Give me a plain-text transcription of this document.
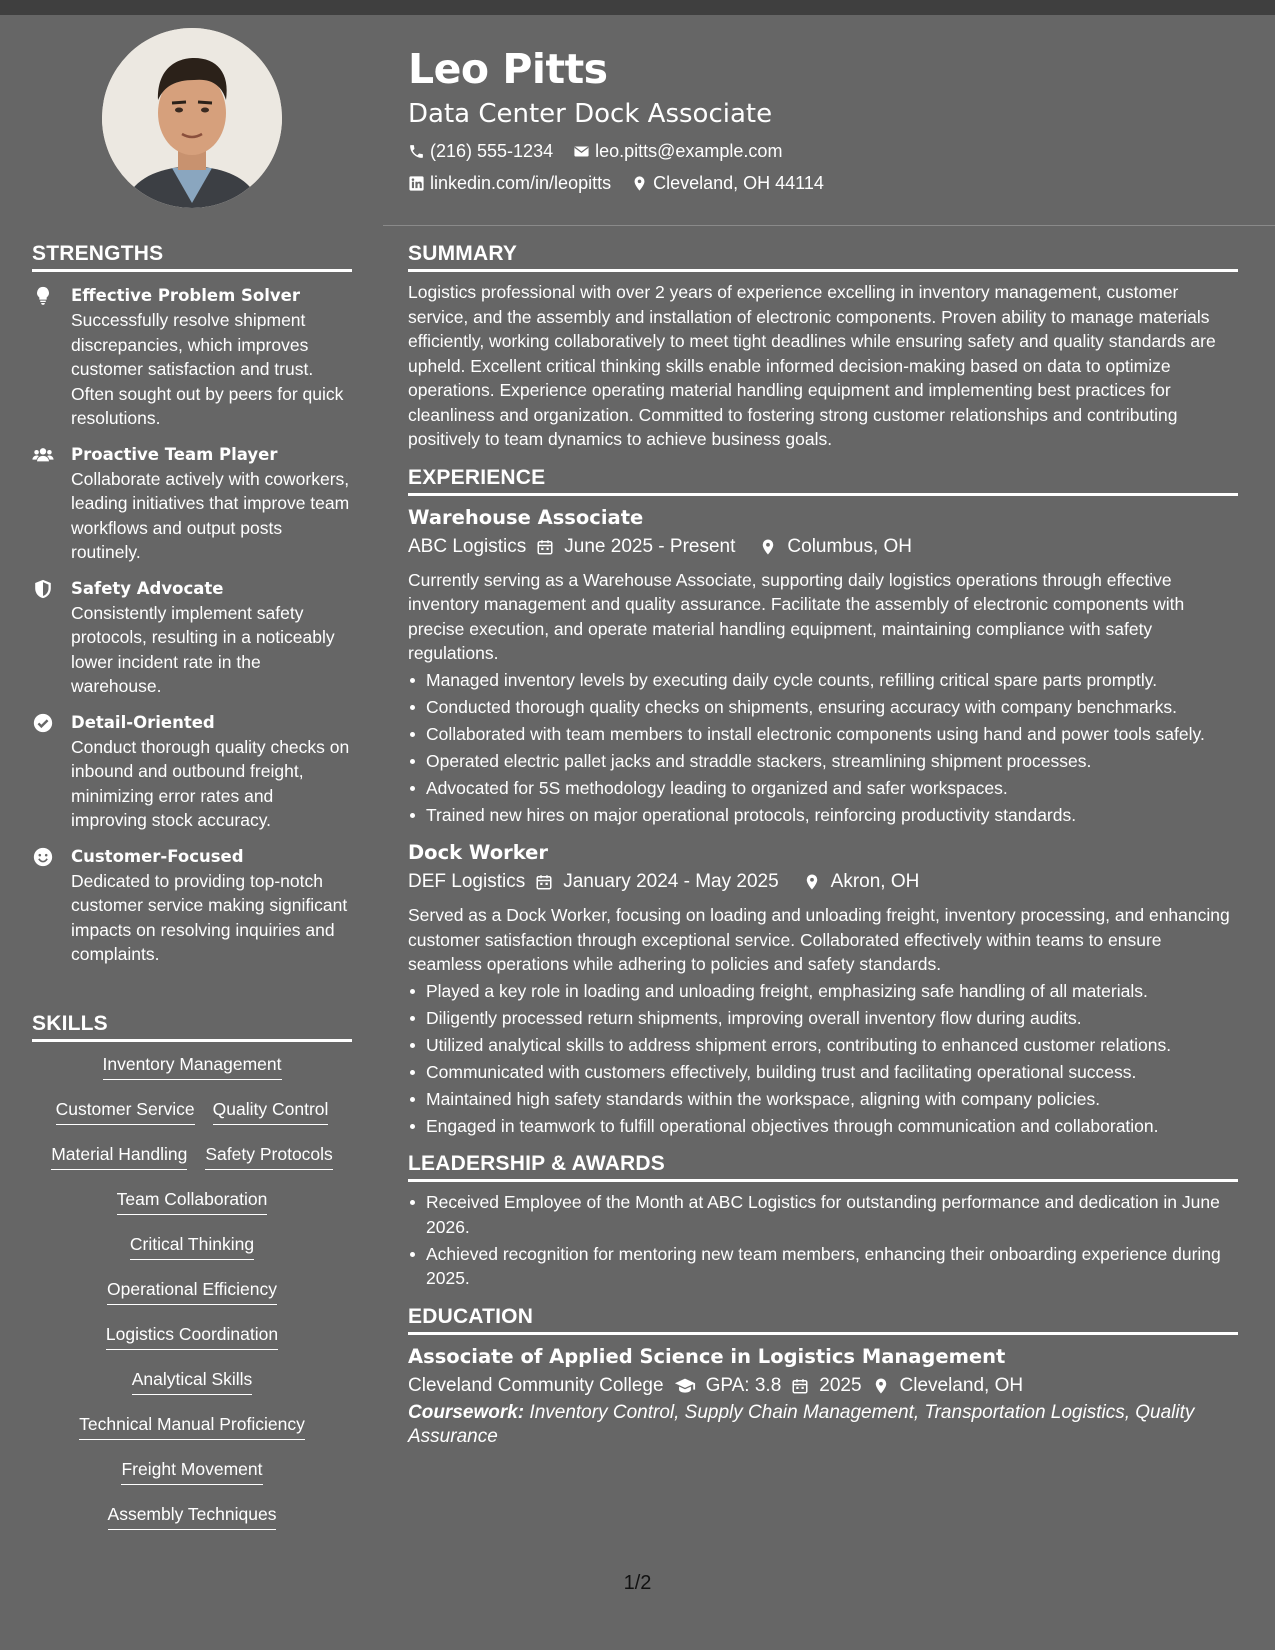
STRENGTHS
Effective Problem Solver
Successfully resolve shipment discrepancies, which improves customer satisfaction and trust. Often sought out by peers for quick resolutions.
Proactive Team Player
Collaborate actively with coworkers, leading initiatives that improve team workflows and output posts routinely.
Safety Advocate
Consistently implement safety protocols, resulting in a noticeably lower incident rate in the warehouse.
Detail-Oriented
Conduct thorough quality checks on inbound and outbound freight, minimizing error rates and improving stock accuracy.
Customer-Focused
Dedicated to providing top-notch customer service making significant impacts on resolving inquiries and complaints.
SKILLS
Inventory Management
Customer Service Quality Control
Material Handling Safety Protocols
Team Collaboration
Critical Thinking
Operational Efficiency
Logistics Coordination
Analytical Skills
Technical Manual Proficiency
Freight Movement
Assembly Techniques
Leo Pitts
Data Center Dock Associate
(216) 555-1234 leo.pitts@example.com
linkedin.com/in/leopitts Cleveland, OH 44114
SUMMARY
Logistics professional with over 2 years of experience excelling in inventory management, customer service, and the assembly and installation of electronic components. Proven ability to manage materials efficiently, working collaboratively to meet tight deadlines while ensuring safety and quality standards are upheld. Excellent critical thinking skills enable informed decision-making based on data to optimize operations. Experience operating material handling equipment and implementing best practices for cleanliness and organization. Committed to fostering strong customer relationships and contributing positively to team dynamics to achieve business goals.
EXPERIENCE
Warehouse Associate
ABC Logistics June 2025 - Present	Columbus, OH
Currently serving as a Warehouse Associate, supporting daily logistics operations through effective inventory management and quality assurance. Facilitate the assembly of electronic components with precise execution, and operate material handling equipment, maintaining compliance with safety regulations.
Managed inventory levels by executing daily cycle counts, refilling critical spare parts promptly.
Conducted thorough quality checks on shipments, ensuring accuracy with company benchmarks.
Collaborated with team members to install electronic components using hand and power tools safely.
Operated electric pallet jacks and straddle stackers, streamlining shipment processes.
Advocated for 5S methodology leading to organized and safer workspaces.
Trained new hires on major operational protocols, reinforcing productivity standards.
Dock Worker
DEF Logistics January 2024 - May 2025	Akron, OH
Served as a Dock Worker, focusing on loading and unloading freight, inventory processing, and enhancing customer satisfaction through exceptional service. Collaborated effectively within teams to ensure seamless operations while adhering to policies and safety standards.
Played a key role in loading and unloading freight, emphasizing safe handling of all materials.
Diligently processed return shipments, improving overall inventory flow during audits.
Utilized analytical skills to address shipment errors, contributing to enhanced customer relations.
Communicated with customers effectively, building trust and facilitating operational success.
Maintained high safety standards within the workspace, aligning with company policies.
Engaged in teamwork to fulfill operational objectives through communication and collaboration.
LEADERSHIP & AWARDS
Received Employee of the Month at ABC Logistics for outstanding performance and dedication in June 2026.
Achieved recognition for mentoring new team members, enhancing their onboarding experience during 2025.
EDUCATION
Associate of Applied Science in Logistics Management
Cleveland Community College GPA: 3.8 2025 Cleveland, OH
Coursework: Inventory Control, Supply Chain Management, Transportation Logistics, Quality Assurance
1/2
